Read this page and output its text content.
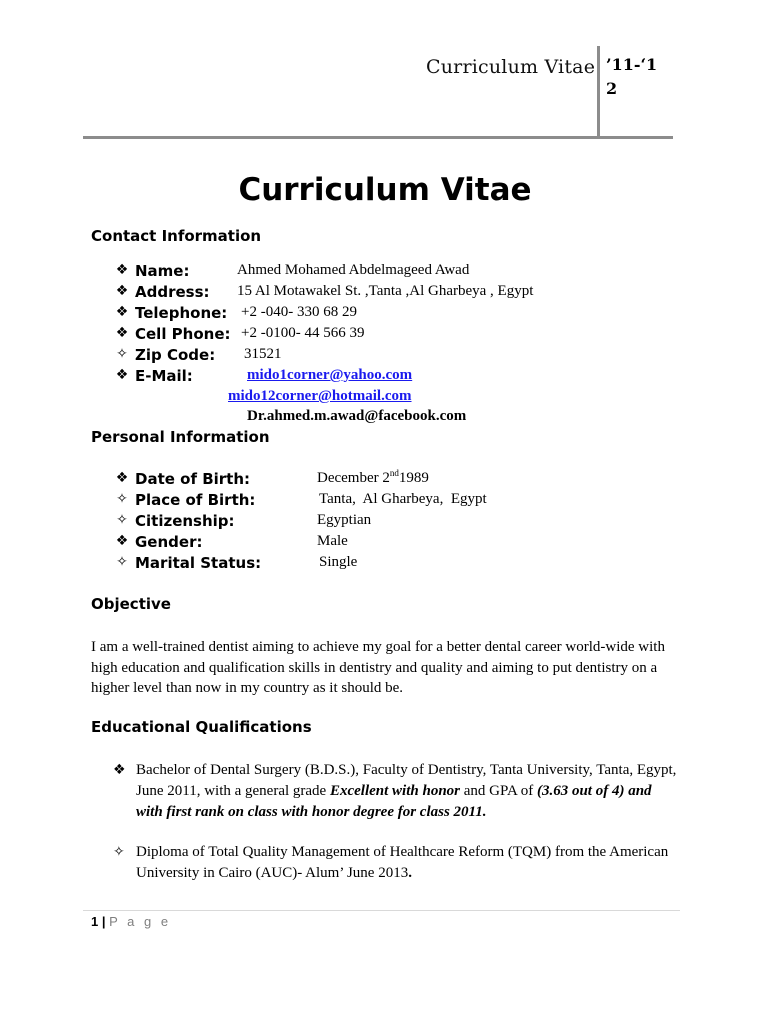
Curriculum Vitae ’11-‘12
Curriculum Vitae
Contact Information
❖ Name:	Ahmed Mohamed Abdelmageed Awad
❖ Address: 15 Al Motawakel St. ,Tanta ,Al Gharbeya , Egypt
❖ Telephone: +2 -040- 330 68 29
❖ Cell Phone: +2 -0100- 44 566 39
✧ Zip Code: 31521
❖ E-Mail:	mido1corner@yahoo.com
mido12corner@hotmail.com
Dr.ahmed.m.awad@facebook.com
Personal Information
❖ Date of Birth:	December 2nd1989
✧ Place of Birth:	Tanta,  Al Gharbeya,  Egypt
✧ Citizenship:	Egyptian
❖ Gender:	Male
✧ Marital Status:	Single
Objective
I am a well-trained dentist aiming to achieve my goal for a better dental career world-wide with high education and qualification skills in dentistry and quality and aiming to put dentistry on a higher level than now in my country as it should be.
Educational Qualifications
❖ Bachelor of Dental Surgery (B.D.S.), Faculty of Dentistry, Tanta University, Tanta, Egypt, June 2011, with a general grade Excellent with honor and GPA of (3.63 out of 4) and with first rank on class with honor degree for class 2011.
✧ Diploma of Total Quality Management of Healthcare Reform (TQM) from the American University in Cairo (AUC)- Alum’ June 2013.
1 | P a g e
